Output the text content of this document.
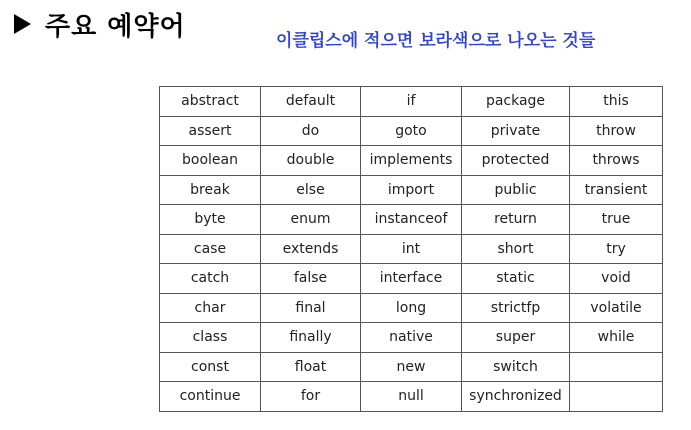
주요 예약어	이클립스에 적으면 보라색으로 나오는 것들
abstract	default	if	package	this
assert	do	goto	private	throw
boolean	double	implements	protected	throws
break	else	import	public	transient
byte	enum	instanceof	return	true
case	extends	int	short	try
catch	false	interface	static	void
char	final	long	strictfp	volatile
class	finally	native	super	while
const	float	new	switch	
continue	for	null	synchronized	
